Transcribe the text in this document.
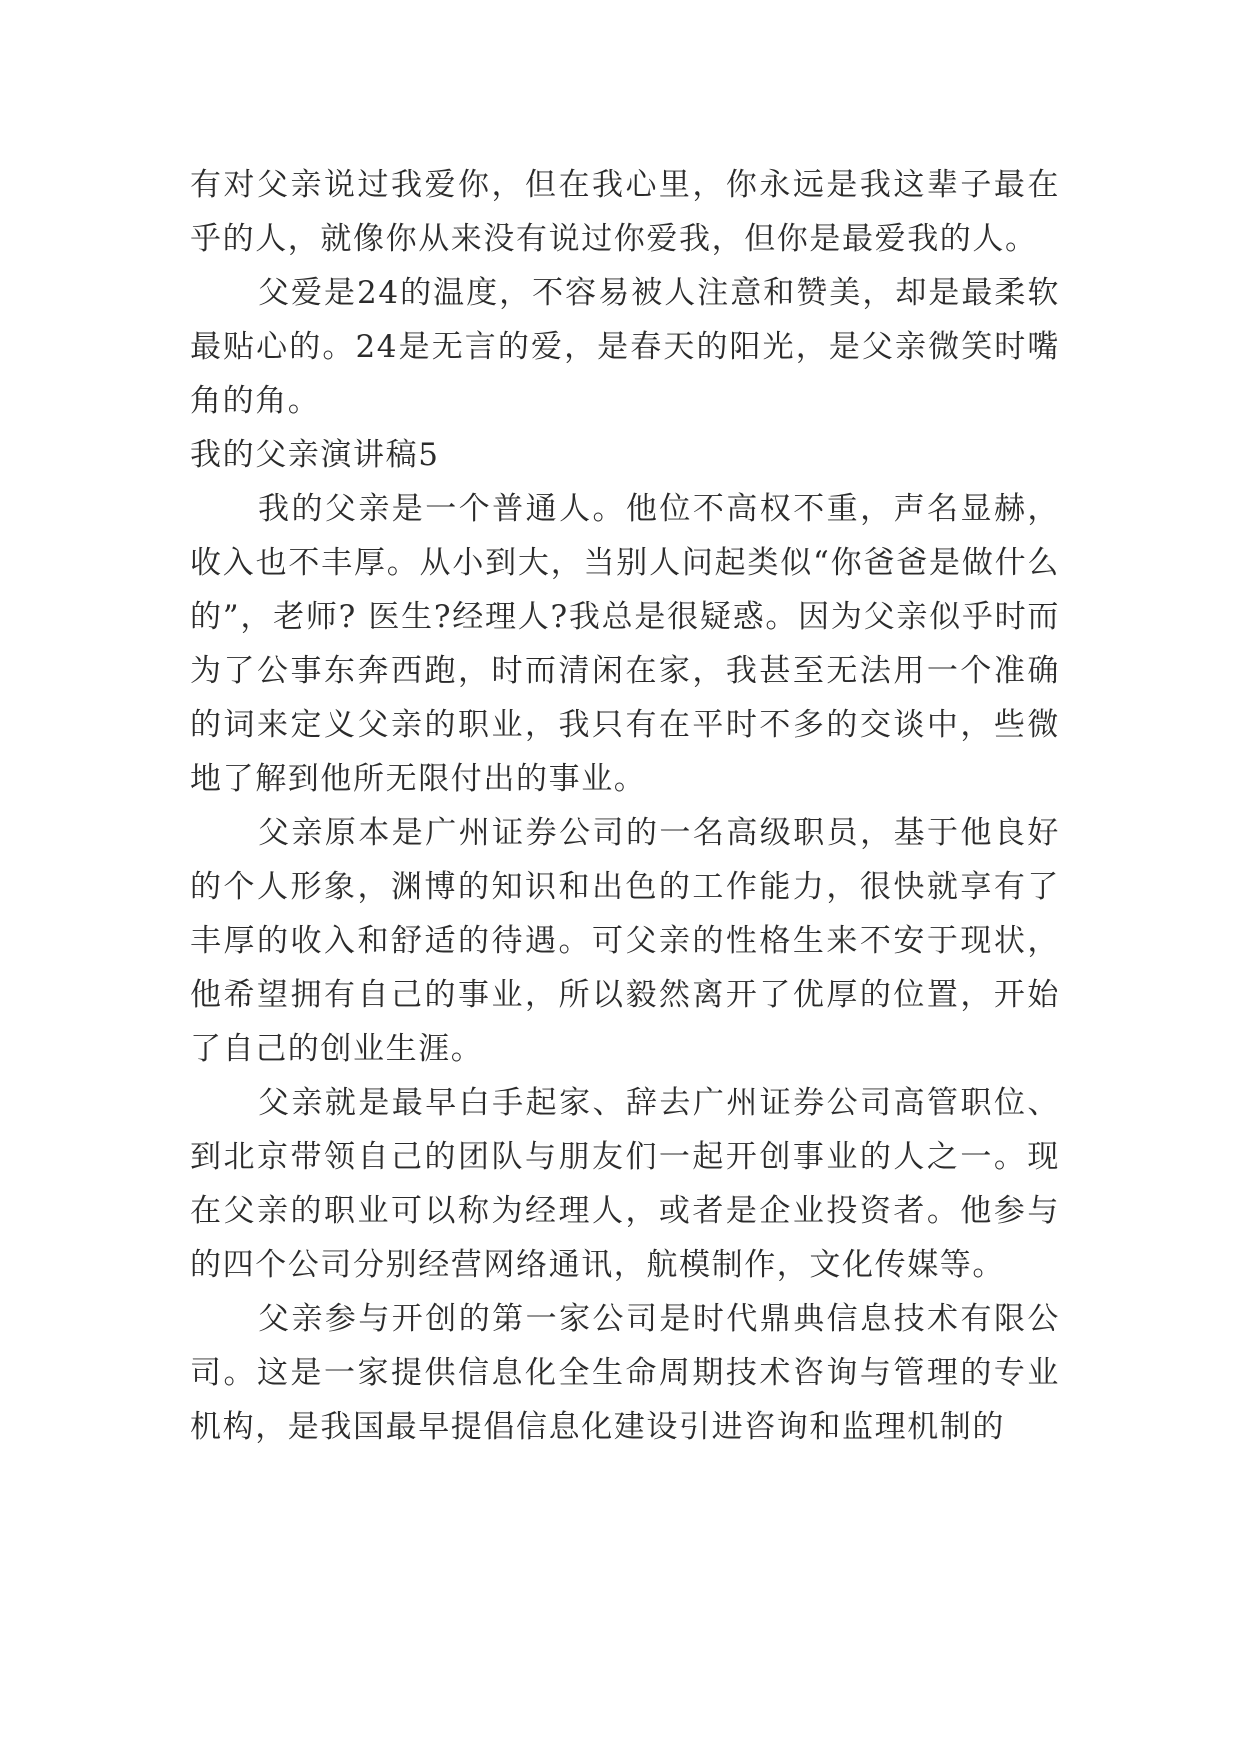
有对父亲说过我爱你，但在我心里，你永远是我这辈子最在乎的人，就像你从来没有说过你爱我，但你是最爱我的人。

父爱是24的温度，不容易被人注意和赞美，却是最柔软最贴心的。24是无言的爱，是春天的阳光，是父亲微笑时嘴角的角。

我的父亲演讲稿5

我的父亲是一个普通人。他位不高权不重，声名显赫，收入也不丰厚。从小到大，当别人问起类似“你爸爸是做什么的”，老师? 医生?经理人?我总是很疑惑。因为父亲似乎时而为了公事东奔西跑，时而清闲在家，我甚至无法用一个准确的词来定义父亲的职业，我只有在平时不多的交谈中，些微地了解到他所无限付出的事业。

父亲原本是广州证券公司的一名高级职员，基于他良好的个人形象，渊博的知识和出色的工作能力，很快就享有了丰厚的收入和舒适的待遇。可父亲的性格生来不安于现状，他希望拥有自己的事业，所以毅然离开了优厚的位置，开始了自己的创业生涯。

父亲就是最早白手起家、辞去广州证券公司高管职位、到北京带领自己的团队与朋友们一起开创事业的人之一。现在父亲的职业可以称为经理人，或者是企业投资者。他参与的四个公司分别经营网络通讯，航模制作，文化传媒等。

父亲参与开创的第一家公司是时代鼎典信息技术有限公司。这是一家提供信息化全生命周期技术咨询与管理的专业机构，是我国最早提倡信息化建设引进咨询和监理机制的
